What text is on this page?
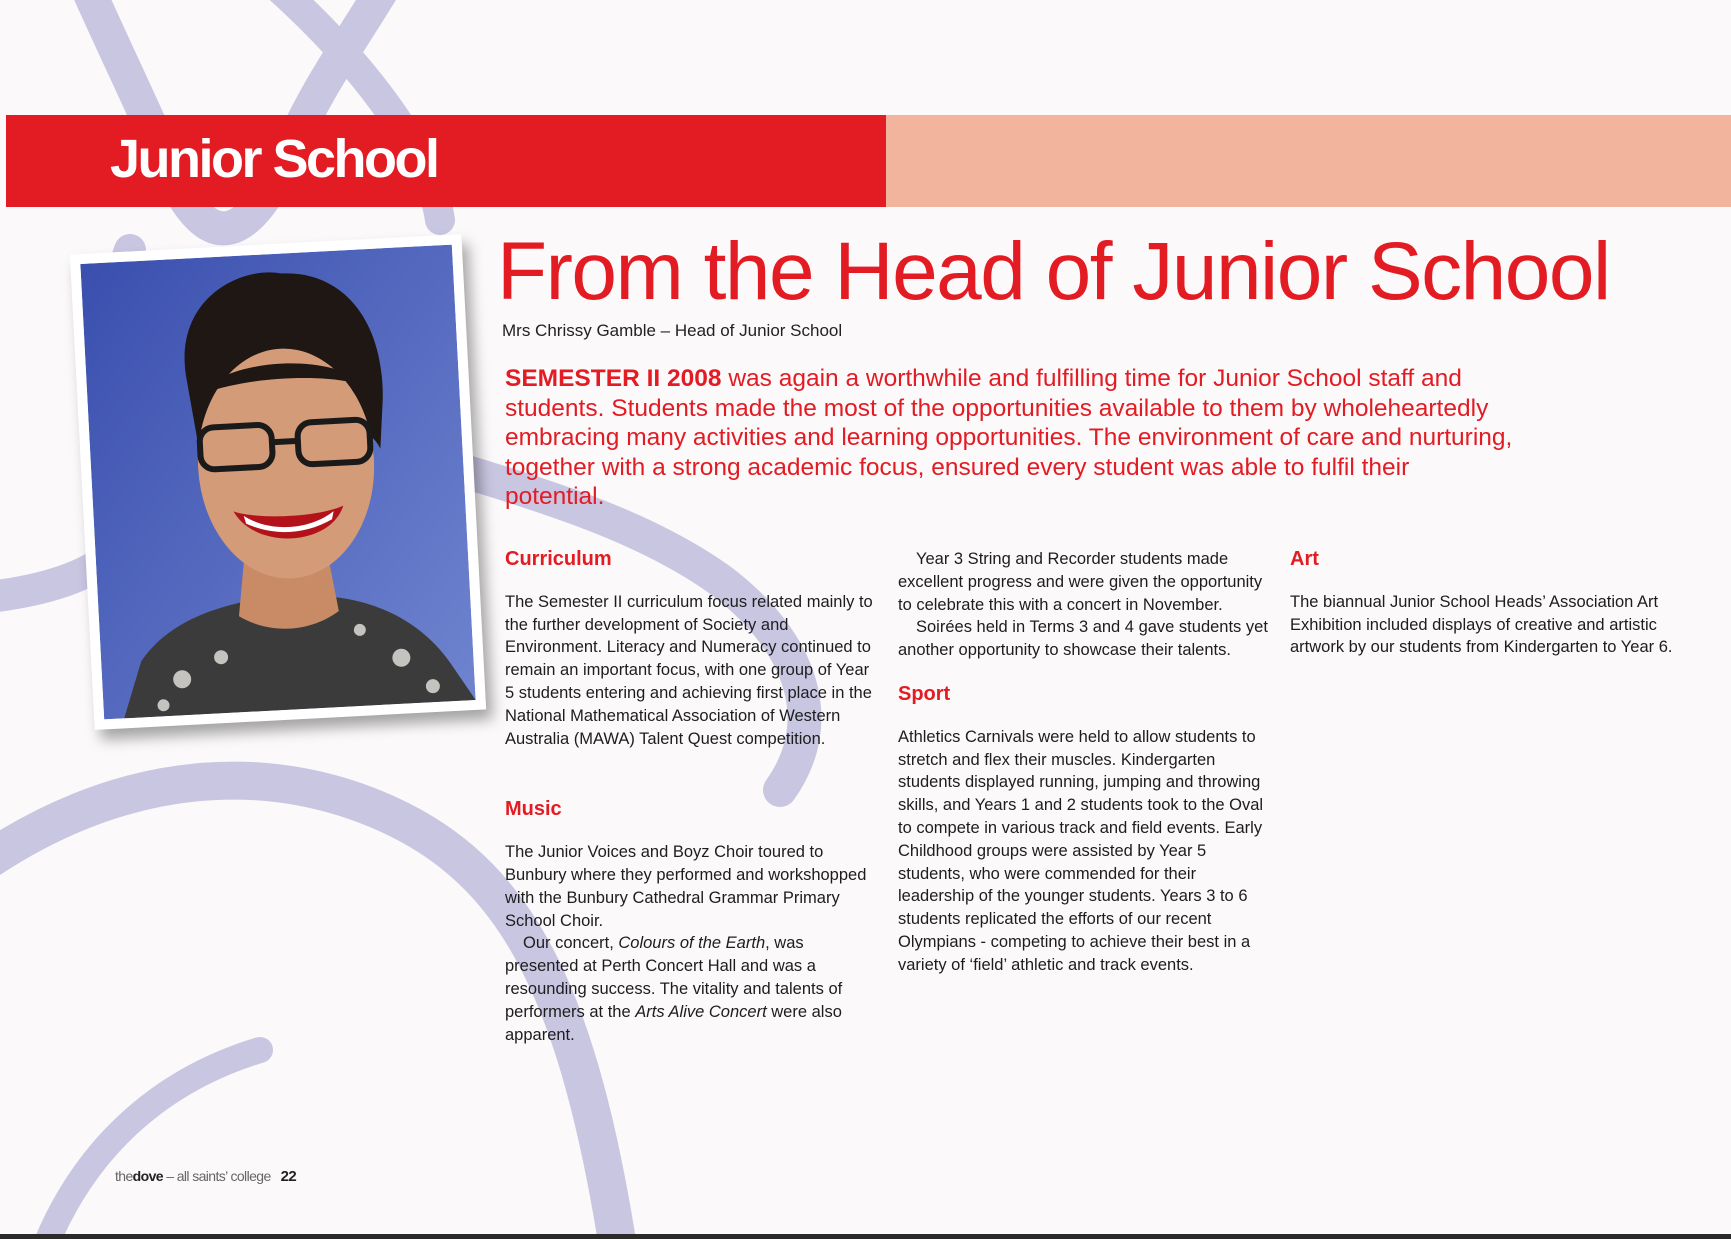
Junior School
From the Head of Junior School
Mrs Chrissy Gamble – Head of Junior School
SEMESTER II 2008 was again a worthwhile and fulfilling time for Junior School staff and students. Students made the most of the opportunities available to them by wholeheartedly embracing many activities and learning opportunities. The environment of care and nurturing, together with a strong academic focus, ensured every student was able to fulfil their potential.
Curriculum

The Semester II curriculum focus related mainly to the further development of Society and Environment. Literacy and Numeracy continued to remain an important focus, with one group of Year 5 students entering and achieving first place in the National Mathematical Association of Western Australia (MAWA) Talent Quest competition.

Music

The Junior Voices and Boyz Choir toured to Bunbury where they performed and workshopped with the Bunbury Cathedral Grammar Primary School Choir.

Our concert, Colours of the Earth, was presented at Perth Concert Hall and was a resounding success. The vitality and talents of performers at the Arts Alive Concert were also apparent.

Year 3 String and Recorder students made excellent progress and were given the opportunity to celebrate this with a concert in November.

Soirées held in Terms 3 and 4 gave students yet another opportunity to showcase their talents.

Sport

Athletics Carnivals were held to allow students to stretch and flex their muscles. Kindergarten students displayed running, jumping and throwing skills, and Years 1 and 2 students took to the Oval to compete in various track and field events. Early Childhood groups were assisted by Year 5 students, who were commended for their leadership of the younger students. Years 3 to 6 students replicated the efforts of our recent Olympians - competing to achieve their best in a variety of ‘field’ athletic and track events.

Art

The biannual Junior School Heads’ Association Art Exhibition included displays of creative and artistic artwork by our students from Kindergarten to Year 6.

thedove – all saints’ college 22
